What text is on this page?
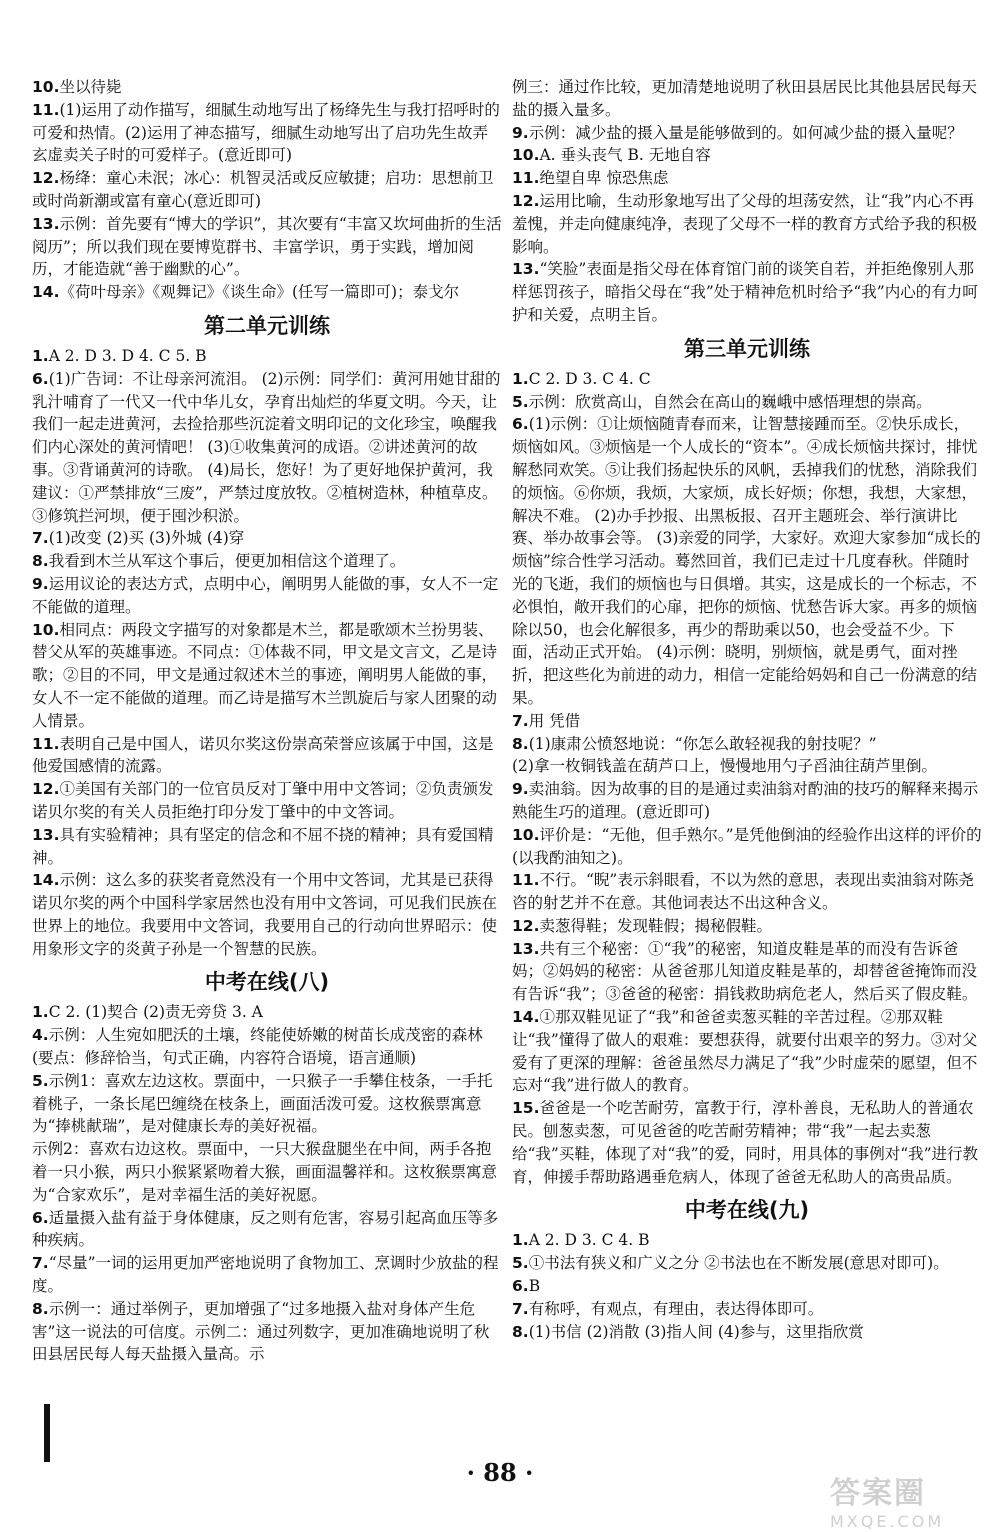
10.坐以待毙

11.(1)运用了动作描写，细腻生动地写出了杨绛先生与我打招呼时的可爱和热情。(2)运用了神态描写，细腻生动地写出了启功先生故弄玄虚卖关子时的可爱样子。(意近即可)

12.杨绛：童心未泯；冰心：机智灵活或反应敏捷；启功：思想前卫或时尚新潮或富有童心(意近即可)

13.示例：首先要有“博大的学识”，其次要有“丰富又坎坷曲折的生活阅历”；所以我们现在要博览群书、丰富学识，勇于实践，增加阅历，才能造就“善于幽默的心”。

14.《荷叶母亲》《观舞记》《谈生命》(任写一篇即可)；泰戈尔

第二单元训练

1.A 2. D 3. D 4. C 5. B

6.(1)广告词：不让母亲河流泪。 (2)示例：同学们：黄河用她甘甜的乳汁哺育了一代又一代中华儿女，孕育出灿烂的华夏文明。今天，让我们一起走进黄河，去捡拾那些沉淀着文明印记的文化珍宝，唤醒我们内心深处的黄河情吧！ (3)①收集黄河的成语。②讲述黄河的故事。③背诵黄河的诗歌。 (4)局长，您好！为了更好地保护黄河，我建议：①严禁排放“三废”，严禁过度放牧。②植树造林，种植草皮。③修筑拦河坝，便于囤沙积淤。

7.(1)改变 (2)买 (3)外城 (4)穿

8.我看到木兰从军这个事后，便更加相信这个道理了。

9.运用议论的表达方式，点明中心，阐明男人能做的事，女人不一定不能做的道理。

10.相同点：两段文字描写的对象都是木兰，都是歌颂木兰扮男装、替父从军的英雄事迹。不同点：①体裁不同，甲文是文言文，乙是诗歌；②目的不同，甲文是通过叙述木兰的事迹，阐明男人能做的事，女人不一定不能做的道理。而乙诗是描写木兰凯旋后与家人团聚的动人情景。

11.表明自己是中国人，诺贝尔奖这份崇高荣誉应该属于中国，这是他爱国感情的流露。

12.①美国有关部门的一位官员反对丁肇中用中文答词；②负责颁发诺贝尔奖的有关人员拒绝打印分发丁肇中的中文答词。

13.具有实验精神；具有坚定的信念和不屈不挠的精神；具有爱国精神。

14.示例：这么多的获奖者竟然没有一个用中文答词，尤其是已获得诺贝尔奖的两个中国科学家居然也没有用中文答词，可见我们民族在世界上的地位。我要用中文答词，我要用自己的行动向世界昭示：使用象形文字的炎黄子孙是一个智慧的民族。

中考在线(八)

1.C 2. (1)契合 (2)责无旁贷 3. A

4.示例：人生宛如肥沃的土壤，终能使娇嫩的树苗长成茂密的森林(要点：修辞恰当，句式正确，内容符合语境，语言通顺)

5.示例1：喜欢左边这枚。票面中，一只猴子一手攀住枝条，一手托着桃子，一条长尾巴缠绕在枝条上，画面活泼可爱。这枚猴票寓意为“捧桃献瑞”，是对健康长寿的美好祝福。

示例2：喜欢右边这枚。票面中，一只大猴盘腿坐在中间，两手各抱着一只小猴，两只小猴紧紧吻着大猴，画面温馨祥和。这枚猴票寓意为“合家欢乐”，是对幸福生活的美好祝愿。

6.适量摄入盐有益于身体健康，反之则有危害，容易引起高血压等多种疾病。

7.“尽量”一词的运用更加严密地说明了食物加工、烹调时少放盐的程度。

8.示例一：通过举例子，更加增强了“过多地摄入盐对身体产生危害”这一说法的可信度。示例二：通过列数字，更加准确地说明了秋田县居民每人每天盐摄入量高。示

例三：通过作比较，更加清楚地说明了秋田县居民比其他县居民每天盐的摄入量多。

9.示例：减少盐的摄入量是能够做到的。如何减少盐的摄入量呢？

10.A. 垂头丧气 B. 无地自容

11.绝望自卑 惊恐焦虑

12.运用比喻，生动形象地写出了父母的坦荡安然，让“我”内心不再羞愧，并走向健康纯净，表现了父母不一样的教育方式给予我的积极影响。

13.“笑脸”表面是指父母在体育馆门前的谈笑自若，并拒绝像别人那样惩罚孩子，暗指父母在“我”处于精神危机时给予“我”内心的有力呵护和关爱，点明主旨。

第三单元训练

1.C 2. D 3. C 4. C

5.示例：欣赏高山，自然会在高山的巍峨中感悟理想的崇高。

6.(1)示例：①让烦恼随青春而来，让智慧接踵而至。②快乐成长，烦恼如风。③烦恼是一个人成长的“资本”。④成长烦恼共探讨，排忧解愁同欢笑。⑤让我们扬起快乐的风帆，丢掉我们的忧愁，消除我们的烦恼。⑥你烦，我烦，大家烦，成长好烦；你想，我想，大家想，解决不难。 (2)办手抄报、出黑板报、召开主题班会、举行演讲比赛、举办故事会等。 (3)亲爱的同学，大家好。欢迎大家参加“成长的烦恼”综合性学习活动。蓦然回首，我们已走过十几度春秋。伴随时光的飞逝，我们的烦恼也与日俱增。其实，这是成长的一个标志，不必惧怕，敞开我们的心扉，把你的烦恼、忧愁告诉大家。再多的烦恼除以50，也会化解很多，再少的帮助乘以50，也会受益不少。下面，活动正式开始。 (4)示例：晓明，别烦恼，就是勇气，面对挫折，把这些化为前进的动力，相信一定能给妈妈和自己一份满意的结果。

7.用 凭借

8.(1)康肃公愤怒地说：“你怎么敢轻视我的射技呢？”

(2)拿一枚铜钱盖在葫芦口上，慢慢地用勺子舀油往葫芦里倒。

9.卖油翁。因为故事的目的是通过卖油翁对酌油的技巧的解释来揭示熟能生巧的道理。(意近即可)

10.评价是：“无他，但手熟尔。”是凭他倒油的经验作出这样的评价的(以我酌油知之)。

11.不行。“睨”表示斜眼看，不以为然的意思，表现出卖油翁对陈尧咨的射艺并不在意。其他词表达不出这种含义。

12.卖葱得鞋；发现鞋假；揭秘假鞋。

13.共有三个秘密：①“我”的秘密，知道皮鞋是革的而没有告诉爸妈；②妈妈的秘密：从爸爸那儿知道皮鞋是革的，却替爸爸掩饰而没有告诉“我”；③爸爸的秘密：捐钱救助病危老人，然后买了假皮鞋。

14.①那双鞋见证了“我”和爸爸卖葱买鞋的辛苦过程。②那双鞋让“我”懂得了做人的艰难：要想获得，就要付出艰辛的努力。③对父爱有了更深的理解：爸爸虽然尽力满足了“我”少时虚荣的愿望，但不忘对“我”进行做人的教育。

15.爸爸是一个吃苦耐劳，富教于行，淳朴善良，无私助人的普通农民。刨葱卖葱，可见爸爸的吃苦耐劳精神；带“我”一起去卖葱给“我”买鞋，体现了对“我”的爱，同时，用具体的事例对“我”进行教育，伸援手帮助路遇垂危病人，体现了爸爸无私助人的高贵品质。

中考在线(九)

1.A 2. D 3. C 4. B

5.①书法有狭义和广义之分 ②书法也在不断发展(意思对即可)。

6.B

7.有称呼，有观点，有理由，表达得体即可。

8.(1)书信 (2)消散 (3)指人间 (4)参与，这里指欣赏

· 88 ·
答案圈
MXQE.COM
